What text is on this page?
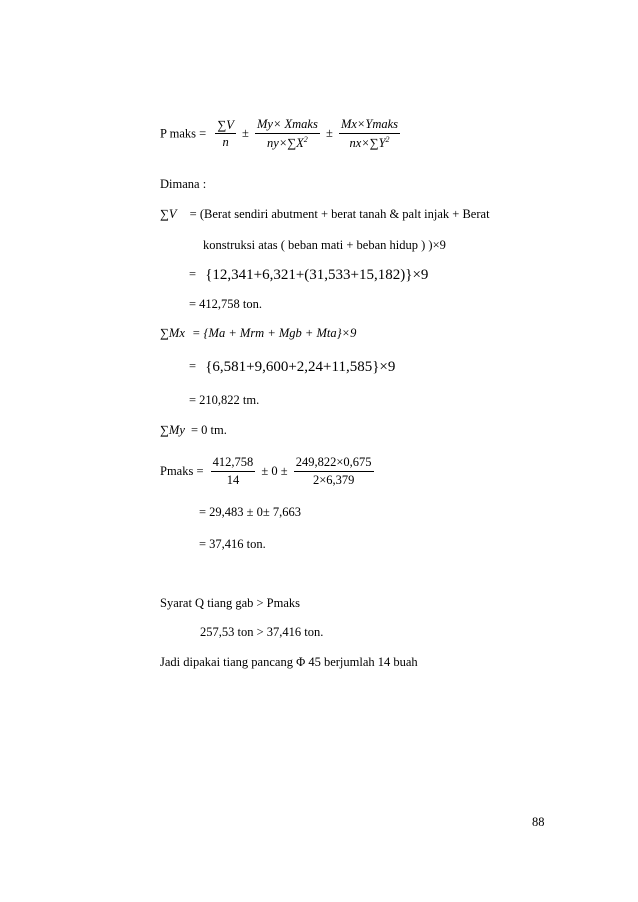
P maks = $\frac{\sum V}{n} \pm \frac{\text{My× Xmaks}}{ny\times\sum X^2} \pm \frac{\text{Mx×Ymaks}}{nx\times\sum Y^2}$
Dimana :
∑V = (Berat sendiri abutment + berat tanah & palt injak + Berat
konstruksi atas ( beban mati + beban hidup ) )×9
= {12,341+6,321+(31,533+15,182)}×9
= 412,758 ton.
∑Mx = {Ma + Mrm + Mgb + Mta}×9
= {6,581+9,600+2,24+11,585}×9
= 210,822 tm.
∑My = 0 tm.
Pmaks = $\frac{412,758}{14} \pm 0 \pm \frac{249,822\times 0,675}{2\times 6,379}$
= 29,483 ± 0± 7,663
= 37,416 ton.
Syarat Q tiang gab > Pmaks
257,53 ton > 37,416 ton.
Jadi dipakai tiang pancang Φ 45 berjumlah 14 buah
88
